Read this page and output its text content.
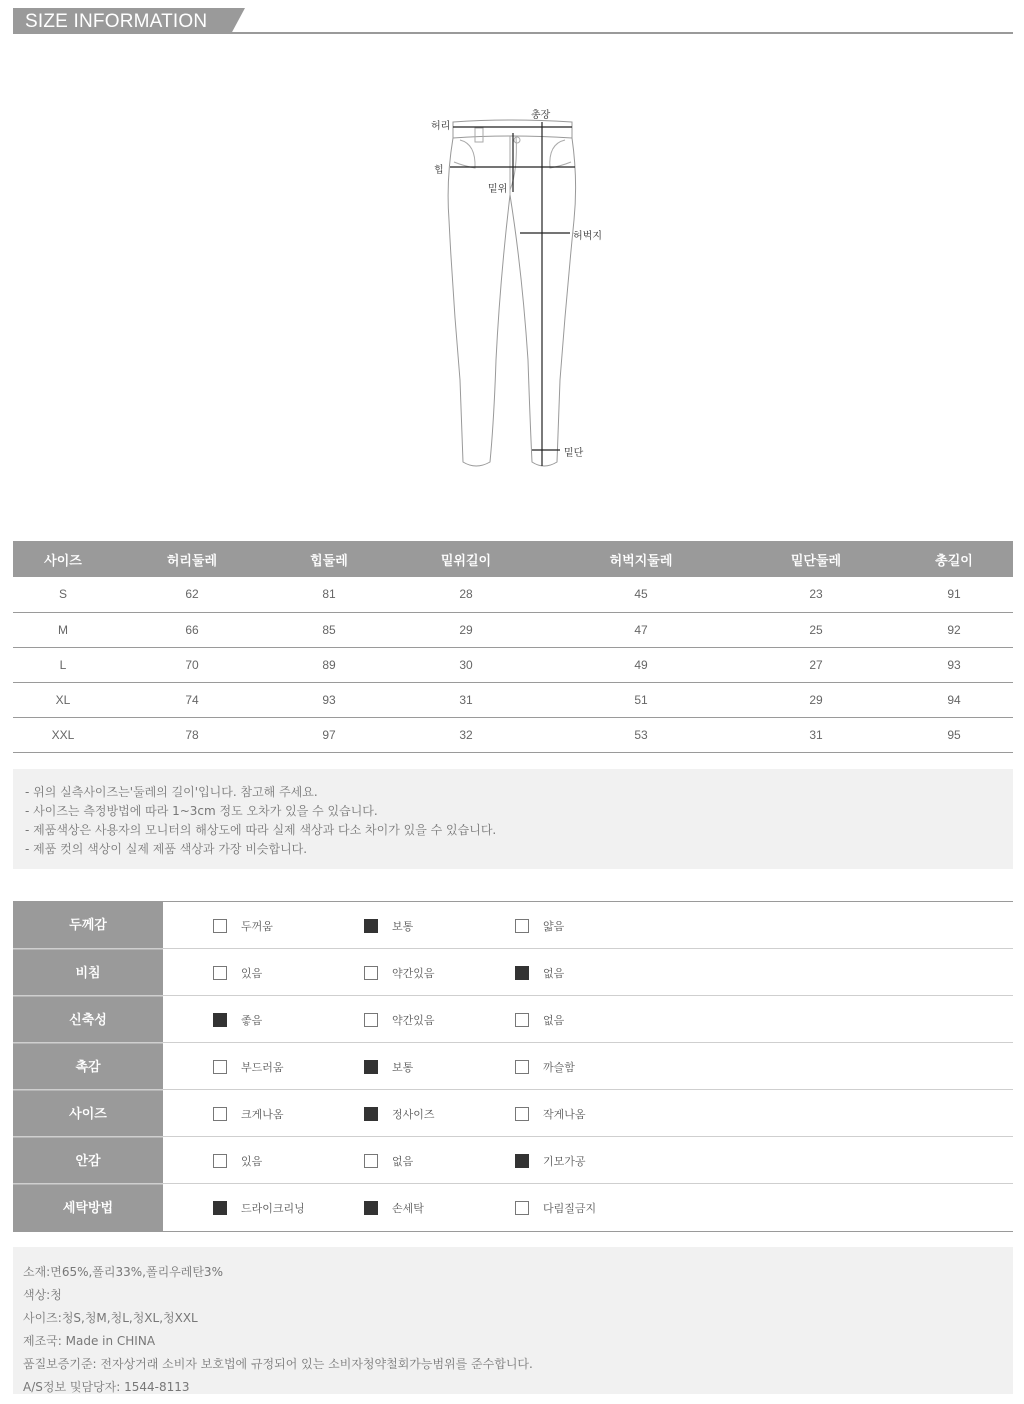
SIZE INFORMATION
허리
총장
힙
밑위
허벅지
밑단
사이즈	허리둘레	힙둘레	밑위길이	허벅지둘레	밑단둘레	총길이
S	62	81	28	45	23	91
M	66	85	29	47	25	92
L	70	89	30	49	27	93
XL	74	93	31	51	29	94
XXL	78	97	32	53	31	95

- 위의 실측사이즈는'둘레의 길이'입니다. 참고해 주세요.

- 사이즈는 측정방법에 따라 1~3cm 정도 오차가 있을 수 있습니다.

- 제품색상은 사용자의 모니터의 해상도에 따라 실제 색상과 다소 차이가 있을 수 있습니다.

- 제품 컷의 색상이 실제 제품 색상과 가장 비슷합니다.

두께감	두꺼움	보통	얇음
비침	있음	약간있음	없음
신축성	좋음	약간있음	없음
촉감	부드러움	보통	까슬함
사이즈	크게나옴	정사이즈	작게나옴
안감	있음	없음	기모가공
세탁방법	드라이크리닝	손세탁	다림질금지

소재:면65%,폴리33%,폴리우레탄3%

색상:청

사이즈:청S,청M,청L,청XL,청XXL

제조국: Made in CHINA

품질보증기준: 전자상거래 소비자 보호법에 규정되어 있는 소비자청약철회가능범위를 준수합니다.

A/S정보 및담당자: 1544-8113
